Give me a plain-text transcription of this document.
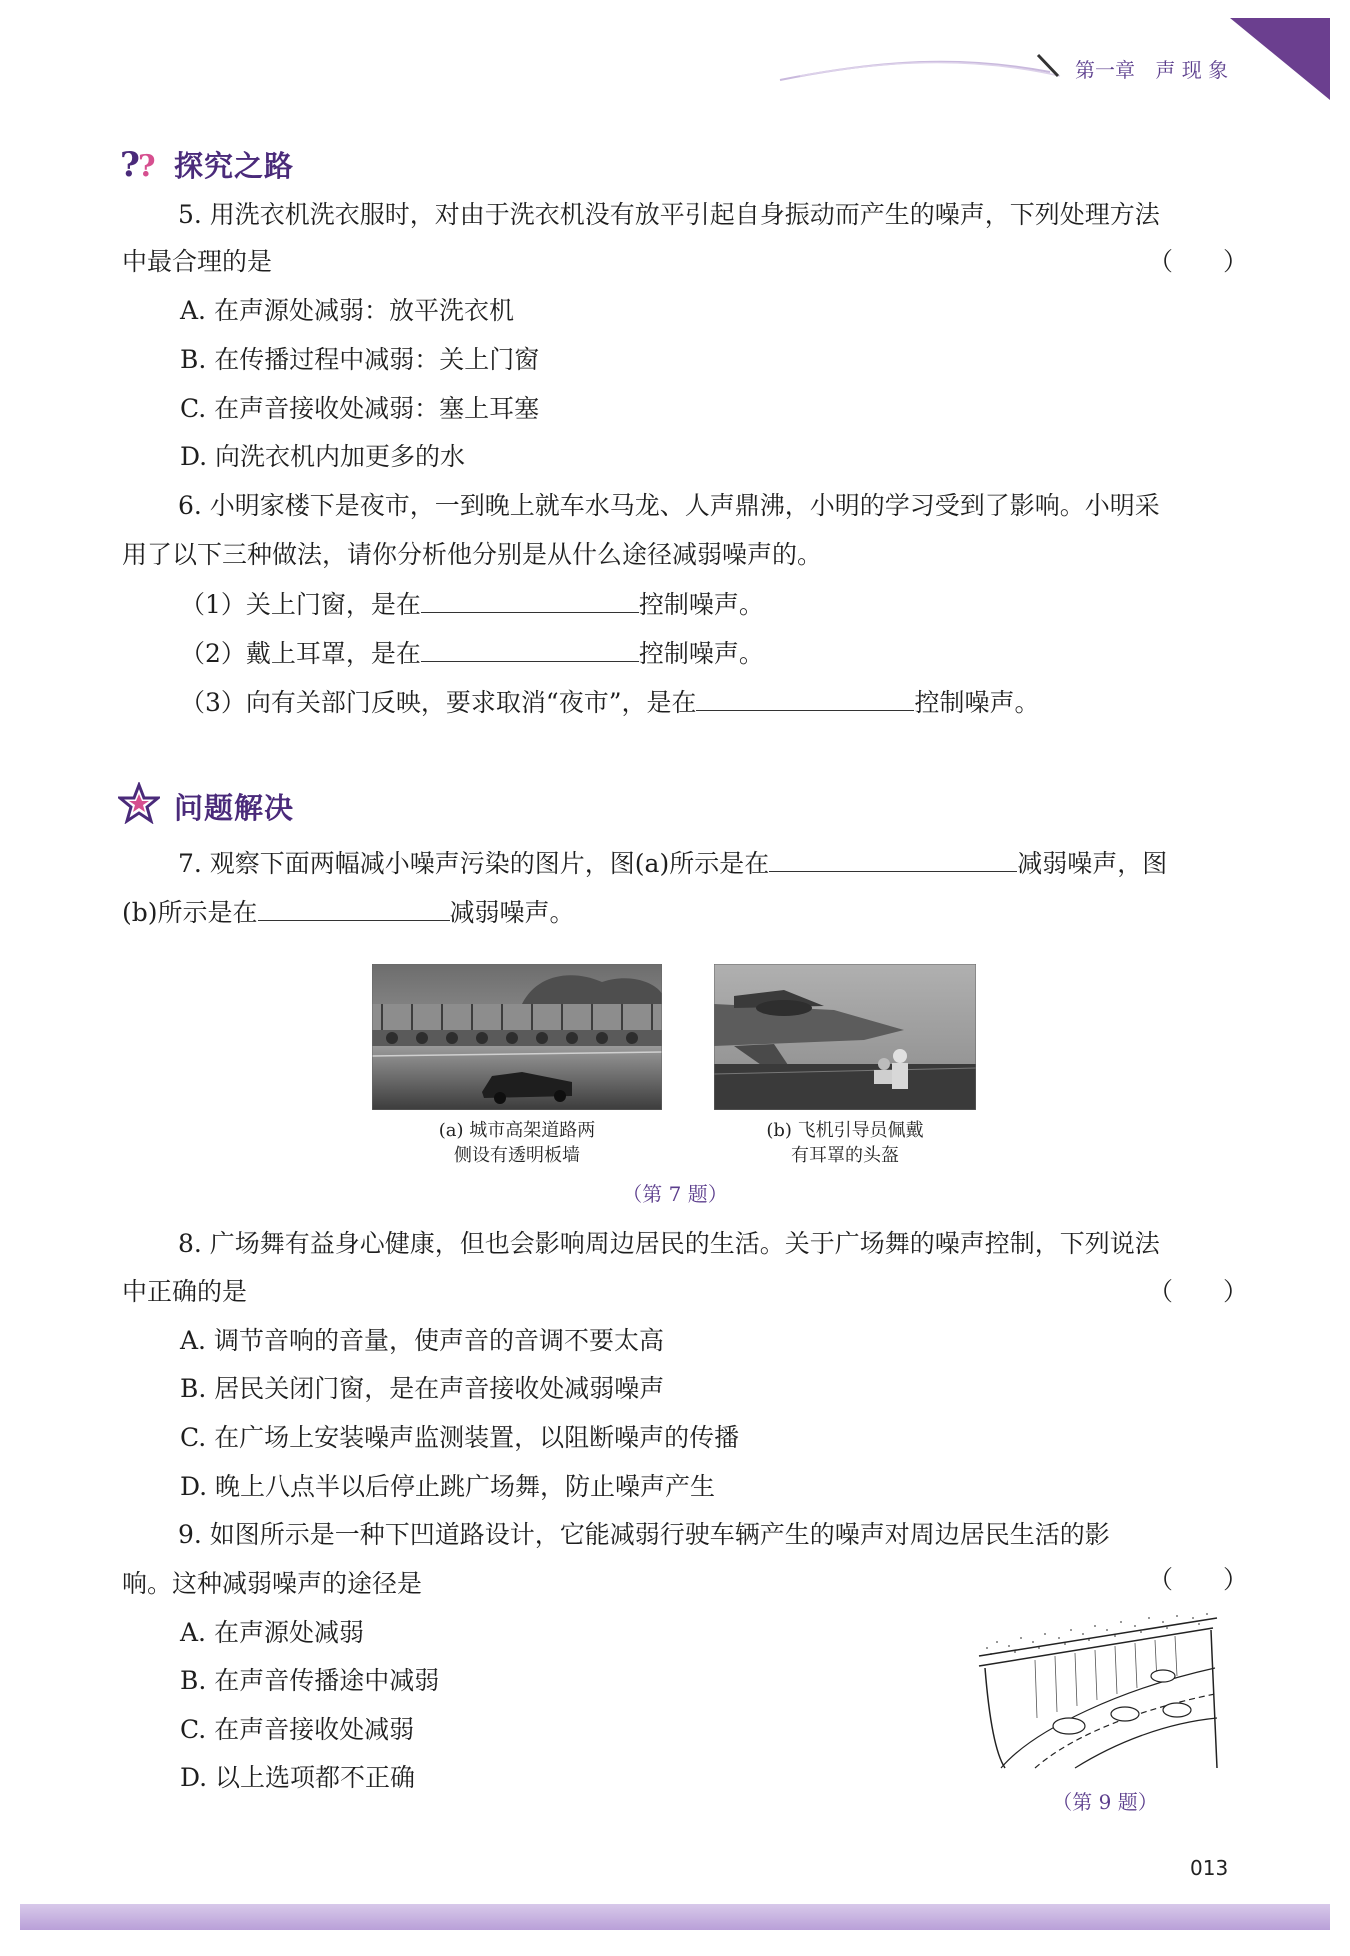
第一章 声 现 象
?
? 探究之路
5. 用洗衣机洗衣服时，对由于洗衣机没有放平引起自身振动而产生的噪声，下列处理方法
中最合理的是	（　　）
A. 在声源处减弱：放平洗衣机
B. 在传播过程中减弱：关上门窗
C. 在声音接收处减弱：塞上耳塞
D. 向洗衣机内加更多的水
6. 小明家楼下是夜市，一到晚上就车水马龙、人声鼎沸，小明的学习受到了影响。小明采
用了以下三种做法，请你分析他分别是从什么途径减弱噪声的。
（1）关上门窗，是在	控制噪声。
（2）戴上耳罩，是在	控制噪声。
（3）向有关部门反映，要求取消“夜市”，是在	控制噪声。
问题解决
7. 观察下面两幅减小噪声污染的图片，图(a)所示是在	减弱噪声，图
(b)所示是在	减弱噪声。
(a) 城市高架道路两
侧设有透明板墙
(b) 飞机引导员佩戴
有耳罩的头盔
（第 7 题）
8. 广场舞有益身心健康，但也会影响周边居民的生活。关于广场舞的噪声控制，下列说法
中正确的是	（　　）
A. 调节音响的音量，使声音的音调不要太高
B. 居民关闭门窗，是在声音接收处减弱噪声
C. 在广场上安装噪声监测装置，以阻断噪声的传播
D. 晚上八点半以后停止跳广场舞，防止噪声产生
9. 如图所示是一种下凹道路设计，它能减弱行驶车辆产生的噪声对周边居民生活的影
响。这种减弱噪声的途径是	（　　）
A. 在声源处减弱
B. 在声音传播途中减弱
C. 在声音接收处减弱
D. 以上选项都不正确
（第 9 题）
013
